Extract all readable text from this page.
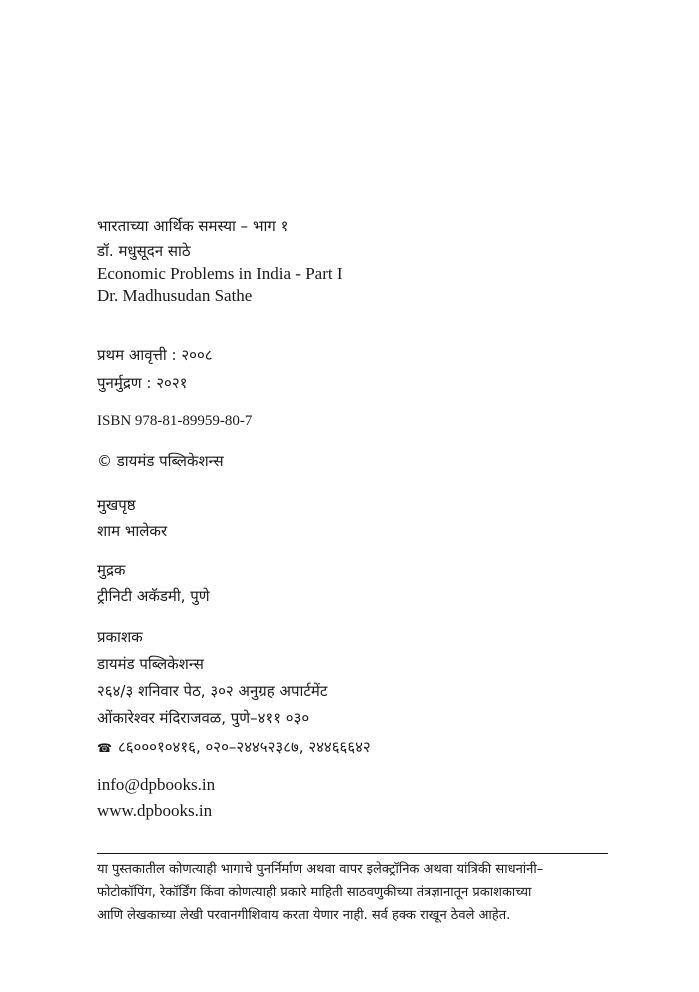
भारताच्या आर्थिक समस्या – भाग १
डॉ. मधुसूदन साठे
Economic Problems in India - Part I
Dr. Madhusudan Sathe
प्रथम आवृत्ती : २००८
पुनर्मुद्रण : २०२१
ISBN 978-81-89959-80-7
© डायमंड पब्लिकेशन्स
मुखपृष्ठ
शाम भालेकर
मुद्रक
ट्रीनिटी अकॅडमी, पुणे
प्रकाशक
डायमंड पब्लिकेशन्स
२६४/३ शनिवार पेठ, ३०२ अनुग्रह अपार्टमेंट
ओंकारेश्वर मंदिराजवळ, पुणे–४११ ०३०
☎ ८६०००१०४१६, ०२०–२४४५२३८७, २४४६६६४२
info@dpbooks.in
www.dpbooks.in
या पुस्तकातील कोणत्याही भागाचे पुनर्निर्माण अथवा वापर इलेक्ट्रॉनिक अथवा यांत्रिकी साधनांनी–
फोटोकॉपिंग, रेकॉर्डिंग किंवा कोणत्याही प्रकारे माहिती साठवणुकीच्या तंत्रज्ञानातून प्रकाशकाच्या
आणि लेखकाच्या लेखी परवानगीशिवाय करता येणार नाही. सर्व हक्क राखून ठेवले आहेत.
